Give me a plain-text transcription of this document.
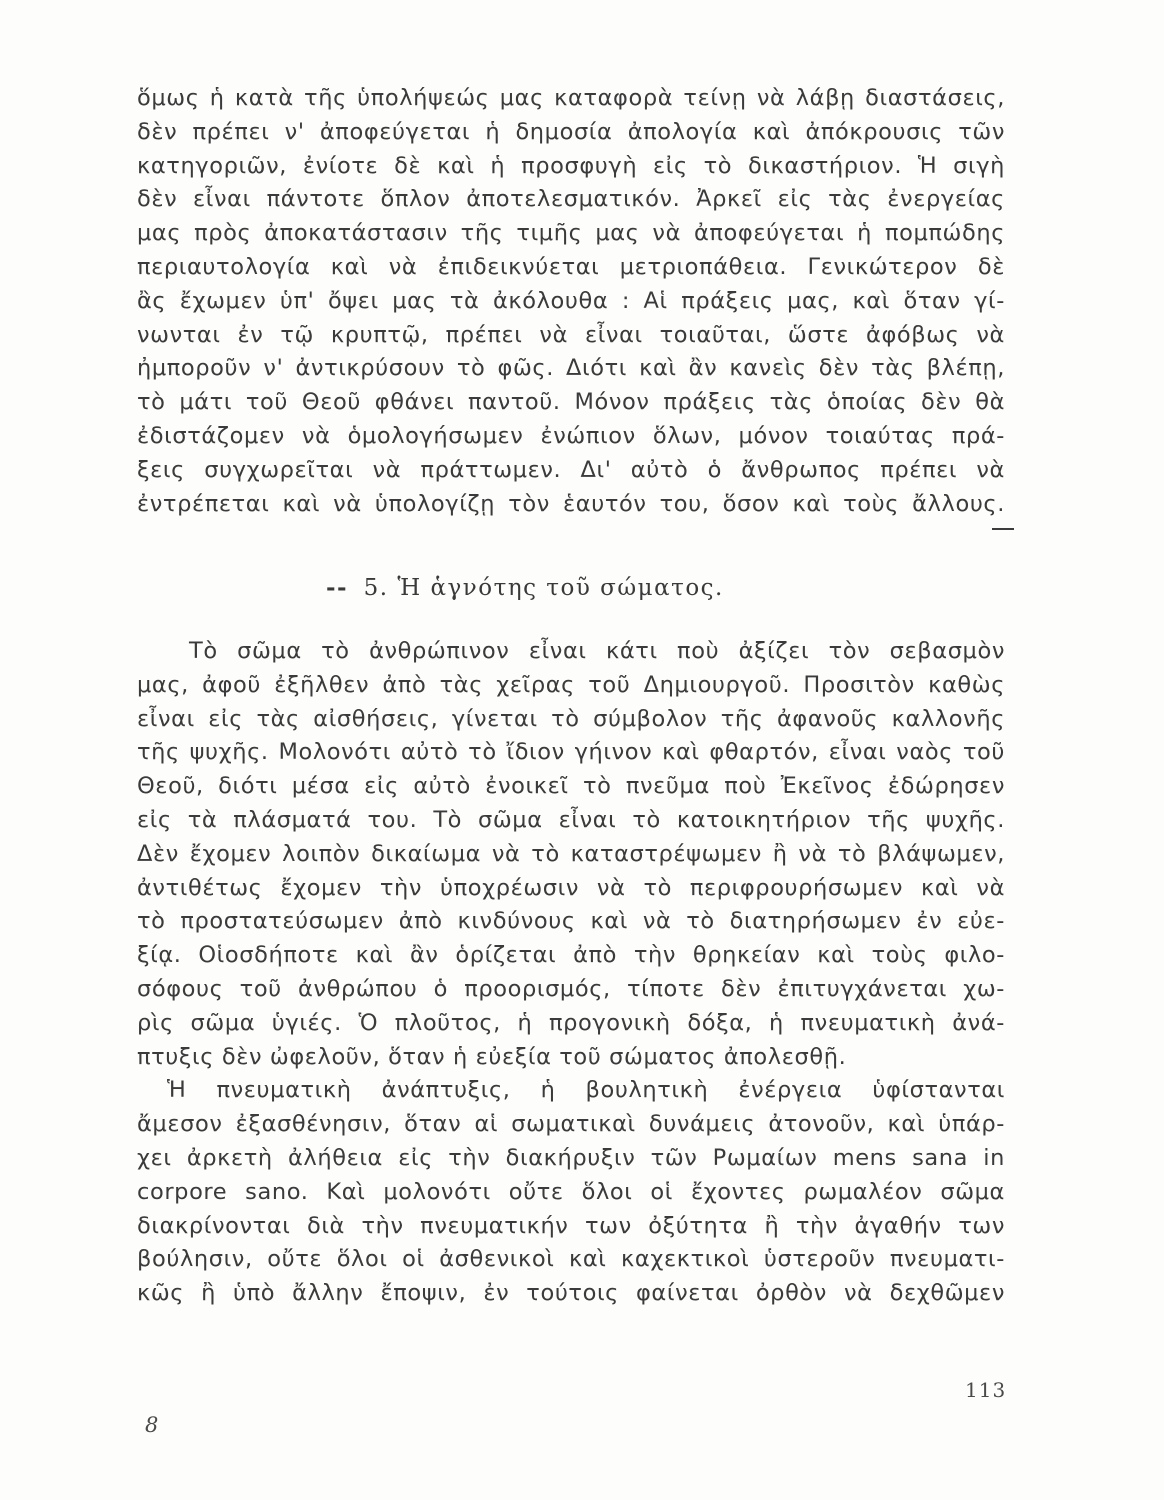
ὅμως ἡ κατὰ τῆς ὑπολήψεώς μας καταφορὰ τείνῃ νὰ λάβῃ διαστάσεις,
δὲν πρέπει ν' ἀποφεύγεται ἡ δημοσία ἀπολογία καὶ ἀπόκρουσις τῶν
κατηγοριῶν, ἐνίοτε δὲ καὶ ἡ προσφυγὴ εἰς τὸ δικαστήριον. Ἡ σιγὴ
δὲν εἶναι πάντοτε ὅπλον ἀποτελεσματικόν. Ἀρκεῖ εἰς τὰς ἐνεργείας
μας πρὸς ἀποκατάστασιν τῆς τιμῆς μας νὰ ἀποφεύγεται ἡ πομπώδης
περιαυτολογία καὶ νὰ ἐπιδεικνύεται μετριοπάθεια. Γενικώτερον δὲ
ἂς ἔχωμεν ὑπ' ὄψει μας τὰ ἀκόλουθα : Αἱ πράξεις μας, καὶ ὅταν γί-
νωνται ἐν τῷ κρυπτῷ, πρέπει νὰ εἶναι τοιαῦται, ὥστε ἀφόβως νὰ
ἠμποροῦν ν' ἀντικρύσουν τὸ φῶς. Διότι καὶ ἂν κανεὶς δὲν τὰς βλέπῃ,
τὸ μάτι τοῦ Θεοῦ φθάνει παντοῦ. Μόνον πράξεις τὰς ὁποίας δὲν θὰ
ἐδιστάζομεν νὰ ὁμολογήσωμεν ἐνώπιον ὅλων, μόνον τοιαύτας πρά-
ξεις συγχωρεῖται νὰ πράττωμεν. Δι' αὐτὸ ὁ ἄνθρωπος πρέπει νὰ
ἐντρέπεται καὶ νὰ ὑπολογίζῃ τὸν ἑαυτόν του, ὅσον καὶ τοὺς ἄλλους.
-- 5. Ἡ ἁγνότης τοῦ σώματος.
Τὸ σῶμα τὸ ἀνθρώπινον εἶναι κάτι ποὺ ἀξίζει τὸν σεβασμὸν
μας, ἀφοῦ ἐξῆλθεν ἀπὸ τὰς χεῖρας τοῦ Δημιουργοῦ. Προσιτὸν καθὼς
εἶναι εἰς τὰς αἰσθήσεις, γίνεται τὸ σύμβολον τῆς ἀφανοῦς καλλονῆς
τῆς ψυχῆς. Μολονότι αὐτὸ τὸ ἴδιον γήινον καὶ φθαρτόν, εἶναι ναὸς τοῦ
Θεοῦ, διότι μέσα εἰς αὐτὸ ἐνοικεῖ τὸ πνεῦμα ποὺ Ἐκεῖνος ἐδώρησεν
εἰς τὰ πλάσματά του. Τὸ σῶμα εἶναι τὸ κατοικητήριον τῆς ψυχῆς.
Δὲν ἔχομεν λοιπὸν δικαίωμα νὰ τὸ καταστρέψωμεν ἢ νὰ τὸ βλάψωμεν,
ἀντιθέτως ἔχομεν τὴν ὑποχρέωσιν νὰ τὸ περιφρουρήσωμεν καὶ νὰ
τὸ προστατεύσωμεν ἀπὸ κινδύνους καὶ νὰ τὸ διατηρήσωμεν ἐν εὐε-
ξίᾳ. Οἱοσδήποτε καὶ ἂν ὁρίζεται ἀπὸ τὴν θρηκείαν καὶ τοὺς φιλο-
σόφους τοῦ ἀνθρώπου ὁ προορισμός, τίποτε δὲν ἐπιτυγχάνεται χω-
ρὶς σῶμα ὑγιές. Ὁ πλοῦτος, ἡ προγονικὴ δόξα, ἡ πνευματικὴ ἀνά-
πτυξις δὲν ὠφελοῦν, ὅταν ἡ εὐεξία τοῦ σώματος ἀπολεσθῇ.
Ἡ πνευματικὴ ἀνάπτυξις, ἡ βουλητικὴ ἐνέργεια ὑφίστανται
ἄμεσον ἐξασθένησιν, ὅταν αἱ σωματικαὶ δυνάμεις ἀτονοῦν, καὶ ὑπάρ-
χει ἀρκετὴ ἀλήθεια εἰς τὴν διακήρυξιν τῶν Ρωμαίων mens sana in
corpore sano. Καὶ μολονότι οὔτε ὅλοι οἱ ἔχοντες ρωμαλέον σῶμα
διακρίνονται διὰ τὴν πνευματικήν των ὀξύτητα ἢ τὴν ἀγαθήν των
βούλησιν, οὔτε ὅλοι οἱ ἀσθενικοὶ καὶ καχεκτικοὶ ὑστεροῦν πνευματι-
κῶς ἢ ὑπὸ ἄλλην ἔποψιν, ἐν τούτοις φαίνεται ὀρθὸν νὰ δεχθῶμεν
113
8
